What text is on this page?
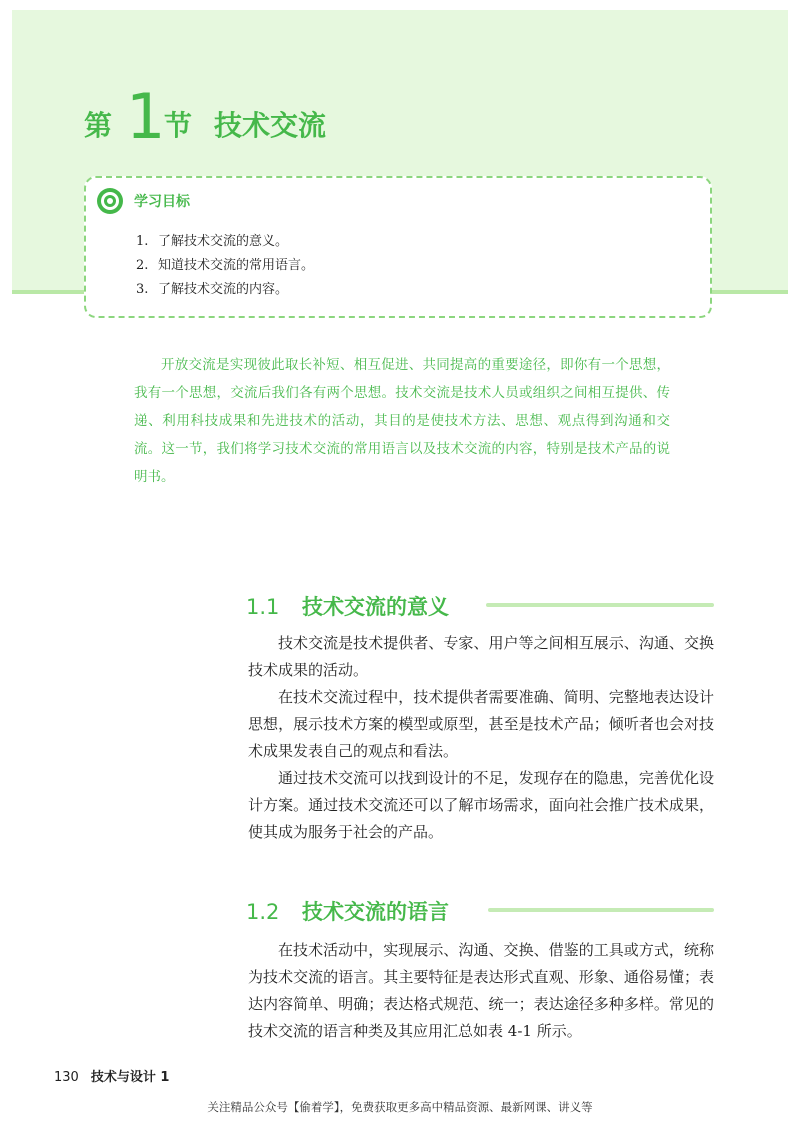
第 1
节 技术交流
学习目标
1. 了解技术交流的意义。
2. 知道技术交流的常用语言。
3. 了解技术交流的内容。

开放交流是实现彼此取长补短、相互促进、共同提高的重要途径，即你有一个思想，我有一个思想，交流后我们各有两个思想。技术交流是技术人员或组织之间相互提供、传递、利用科技成果和先进技术的活动，其目的是使技术方法、思想、观点得到沟通和交流。这一节，我们将学习技术交流的常用语言以及技术交流的内容，特别是技术产品的说明书。

1.1 技术交流的意义

技术交流是技术提供者、专家、用户等之间相互展示、沟通、交换技术成果的活动。

在技术交流过程中，技术提供者需要准确、简明、完整地表达设计思想，展示技术方案的模型或原型，甚至是技术产品；倾听者也会对技术成果发表自己的观点和看法。

通过技术交流可以找到设计的不足，发现存在的隐患，完善优化设计方案。通过技术交流还可以了解市场需求，面向社会推广技术成果，使其成为服务于社会的产品。

1.2 技术交流的语言

在技术活动中，实现展示、沟通、交换、借鉴的工具或方式，统称为技术交流的语言。其主要特征是表达形式直观、形象、通俗易懂；表达内容简单、明确；表达格式规范、统一；表达途径多种多样。常见的技术交流的语言种类及其应用汇总如表 4-1 所示。

130 技术与设计 1
关注精品公众号【偷着学】，免费获取更多高中精品资源、最新网课、讲义等
